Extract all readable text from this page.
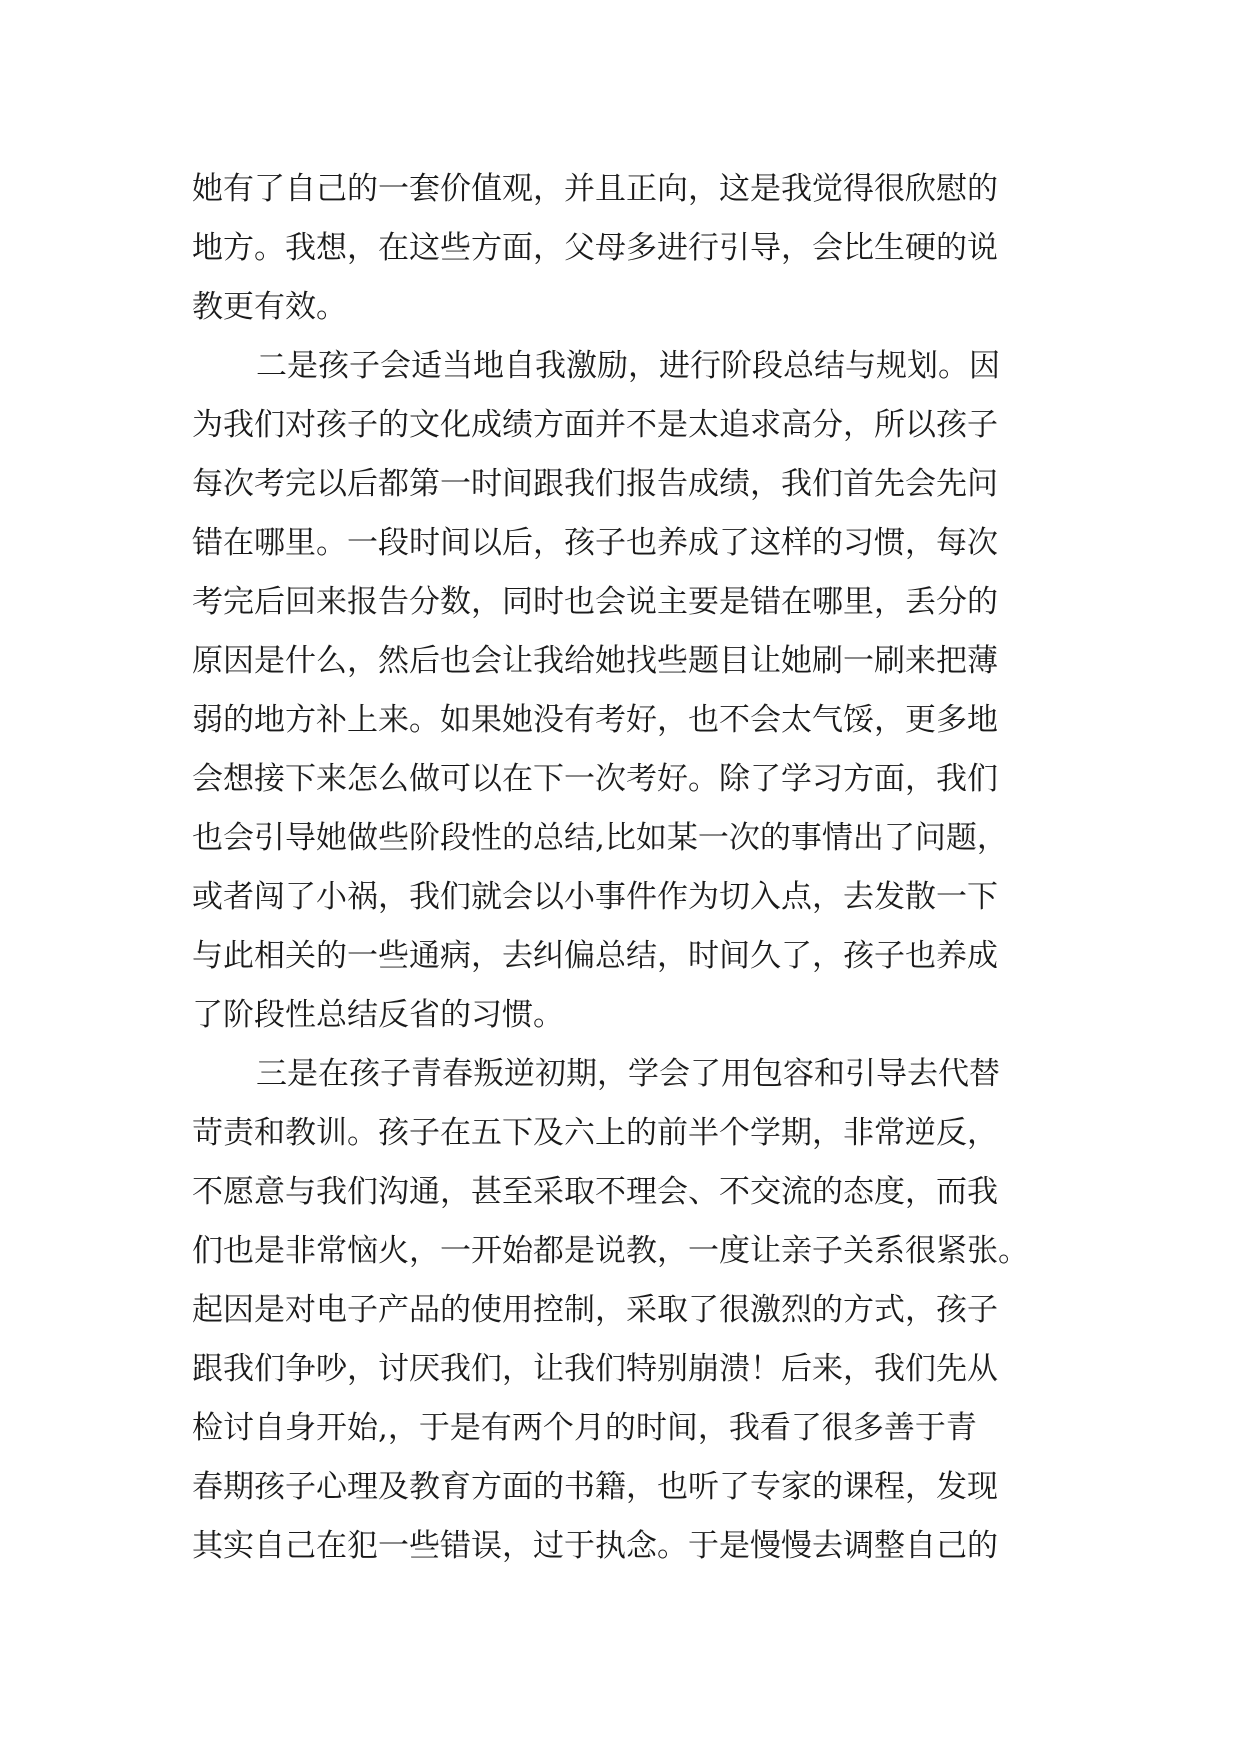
她有了自己的一套价值观，并且正向，这是我觉得很欣慰的
地方。我想，在这些方面，父母多进行引导，会比生硬的说
教更有效。
二是孩子会适当地自我激励，进行阶段总结与规划。因
为我们对孩子的文化成绩方面并不是太追求高分，所以孩子
每次考完以后都第一时间跟我们报告成绩，我们首先会先问
错在哪里。一段时间以后，孩子也养成了这样的习惯，每次
考完后回来报告分数，同时也会说主要是错在哪里，丢分的
原因是什么，然后也会让我给她找些题目让她刷一刷来把薄
弱的地方补上来。如果她没有考好，也不会太气馁，更多地
会想接下来怎么做可以在下一次考好。除了学习方面，我们
也会引导她做些阶段性的总结,比如某一次的事情出了问题，
或者闯了小祸，我们就会以小事件作为切入点，去发散一下
与此相关的一些通病，去纠偏总结，时间久了，孩子也养成
了阶段性总结反省的习惯。
三是在孩子青春叛逆初期，学会了用包容和引导去代替
苛责和教训。孩子在五下及六上的前半个学期，非常逆反，
不愿意与我们沟通，甚至采取不理会、不交流的态度，而我
们也是非常恼火，一开始都是说教，一度让亲子关系很紧张。
起因是对电子产品的使用控制，采取了很激烈的方式，孩子
跟我们争吵，讨厌我们，让我们特别崩溃！后来，我们先从
检讨自身开始,，于是有两个月的时间，我看了很多善于青
春期孩子心理及教育方面的书籍，也听了专家的课程，发现
其实自己在犯一些错误，过于执念。于是慢慢去调整自己的
